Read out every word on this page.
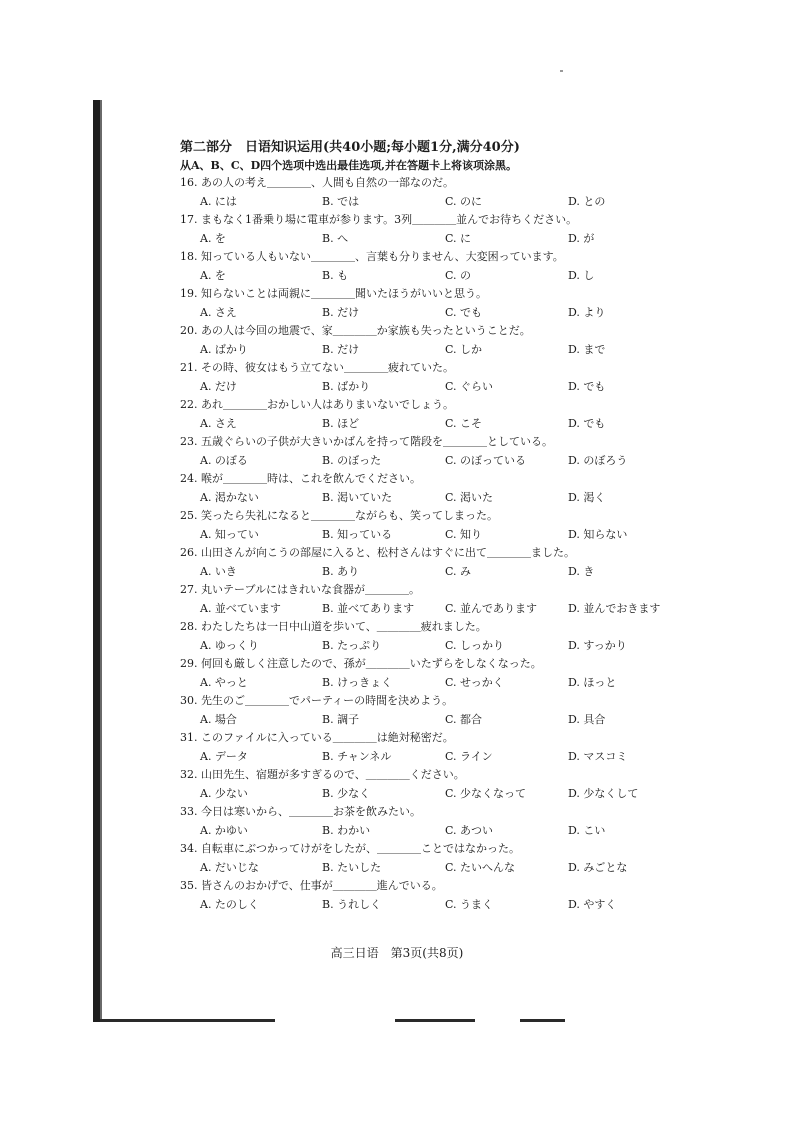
第二部分　日语知识运用(共40小题;每小题1分,满分40分)
从A、B、C、D四个选项中选出最佳选项,并在答题卡上将该项涂黑。
16. あの人の考え＿＿＿＿、人間も自然の一部なのだ。
A. には	B. では	C. のに	D. との
17. まもなく1番乗り場に電車が参ります。3列＿＿＿＿並んでお待ちください。
A. を	B. へ	C. に	D. が
18. 知っている人もいない＿＿＿＿、言葉も分りません、大変困っています。
A. を	B. も	C. の	D. し
19. 知らないことは両親に＿＿＿＿聞いたほうがいいと思う。
A. さえ	B. だけ	C. でも	D. より
20. あの人は今回の地震で、家＿＿＿＿か家族も失ったということだ。
A. ばかり	B. だけ	C. しか	D. まで
21. その時、彼女はもう立てない＿＿＿＿疲れていた。
A. だけ	B. ばかり	C. ぐらい	D. でも
22. あれ＿＿＿＿おかしい人はありまいないでしょう。
A. さえ	B. ほど	C. こそ	D. でも
23. 五歳ぐらいの子供が大きいかばんを持って階段を＿＿＿＿としている。
A. のぼる	B. のぼった	C. のぼっている	D. のぼろう
24. 喉が＿＿＿＿時は、これを飲んでください。
A. 渇かない	B. 渇いていた	C. 渇いた	D. 渇く
25. 笑ったら失礼になると＿＿＿＿ながらも、笑ってしまった。
A. 知ってい	B. 知っている	C. 知り	D. 知らない
26. 山田さんが向こうの部屋に入ると、松村さんはすぐに出て＿＿＿＿ました。
A. いき	B. あり	C. み	D. き
27. 丸いテーブルにはきれいな食器が＿＿＿＿。
A. 並べています	B. 並べてあります	C. 並んであります	D. 並んでおきます
28. わたしたちは一日中山道を歩いて、＿＿＿＿疲れました。
A. ゆっくり	B. たっぷり	C. しっかり	D. すっかり
29. 何回も厳しく注意したので、孫が＿＿＿＿いたずらをしなくなった。
A. やっと	B. けっきょく	C. せっかく	D. ほっと
30. 先生のご＿＿＿＿でパーティーの時間を決めよう。
A. 場合	B. 調子	C. 都合	D. 具合
31. このファイルに入っている＿＿＿＿は絶対秘密だ。
A. データ	B. チャンネル	C. ライン	D. マスコミ
32. 山田先生、宿題が多すぎるので、＿＿＿＿ください。
A. 少ない	B. 少なく	C. 少なくなって	D. 少なくして
33. 今日は寒いから、＿＿＿＿お茶を飲みたい。
A. かゆい	B. わかい	C. あつい	D. こい
34. 自転車にぶつかってけがをしたが、＿＿＿＿ことではなかった。
A. だいじな	B. たいした	C. たいへんな	D. みごとな
35. 皆さんのおかげで、仕事が＿＿＿＿進んでいる。
A. たのしく	B. うれしく	C. うまく	D. やすく
高三日语　第3页(共8页)
